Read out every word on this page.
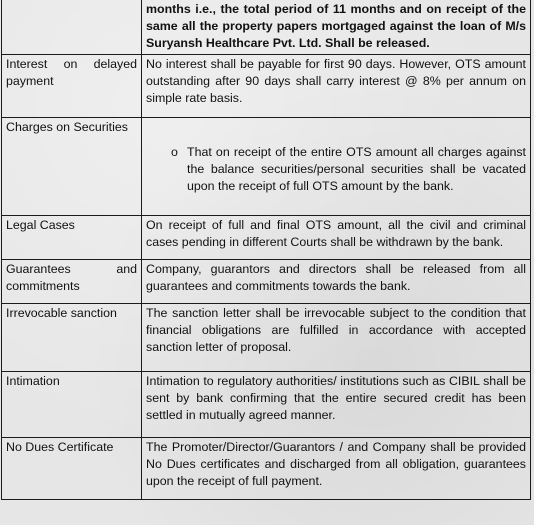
	months i.e., the total period of 11 months and on receipt of the same all the property papers mortgaged against the loan of M/s Suryansh Healthcare Pvt. Ltd. Shall be released.

Interest on delayed
payment	No interest shall be payable for first 90 days. However, OTS amount outstanding after 90 days shall carry interest @ 8% per annum on simple rate basis.
Charges on Securities	o That on receipt of the entire OTS amount all charges against the balance securities/personal securities shall be vacated upon the receipt of full OTS amount by the bank.

Legal Cases	On receipt of full and final OTS amount, all the civil and criminal cases pending in different Courts shall be withdrawn by the bank.

Guarantees and
commitments	Company, guarantors and directors shall be released from all guarantees and commitments towards the bank.
Irrevocable sanction	The sanction letter shall be irrevocable subject to the condition that financial obligations are fulfilled in accordance with accepted sanction letter of proposal.
Intimation	Intimation to regulatory authorities/ institutions such as CIBIL shall be sent by bank confirming that the entire secured credit has been settled in mutually agreed manner.
No Dues Certificate	The Promoter/Director/Guarantors / and Company shall be provided No Dues certificates and discharged from all obligation, guarantees upon the receipt of full payment.
